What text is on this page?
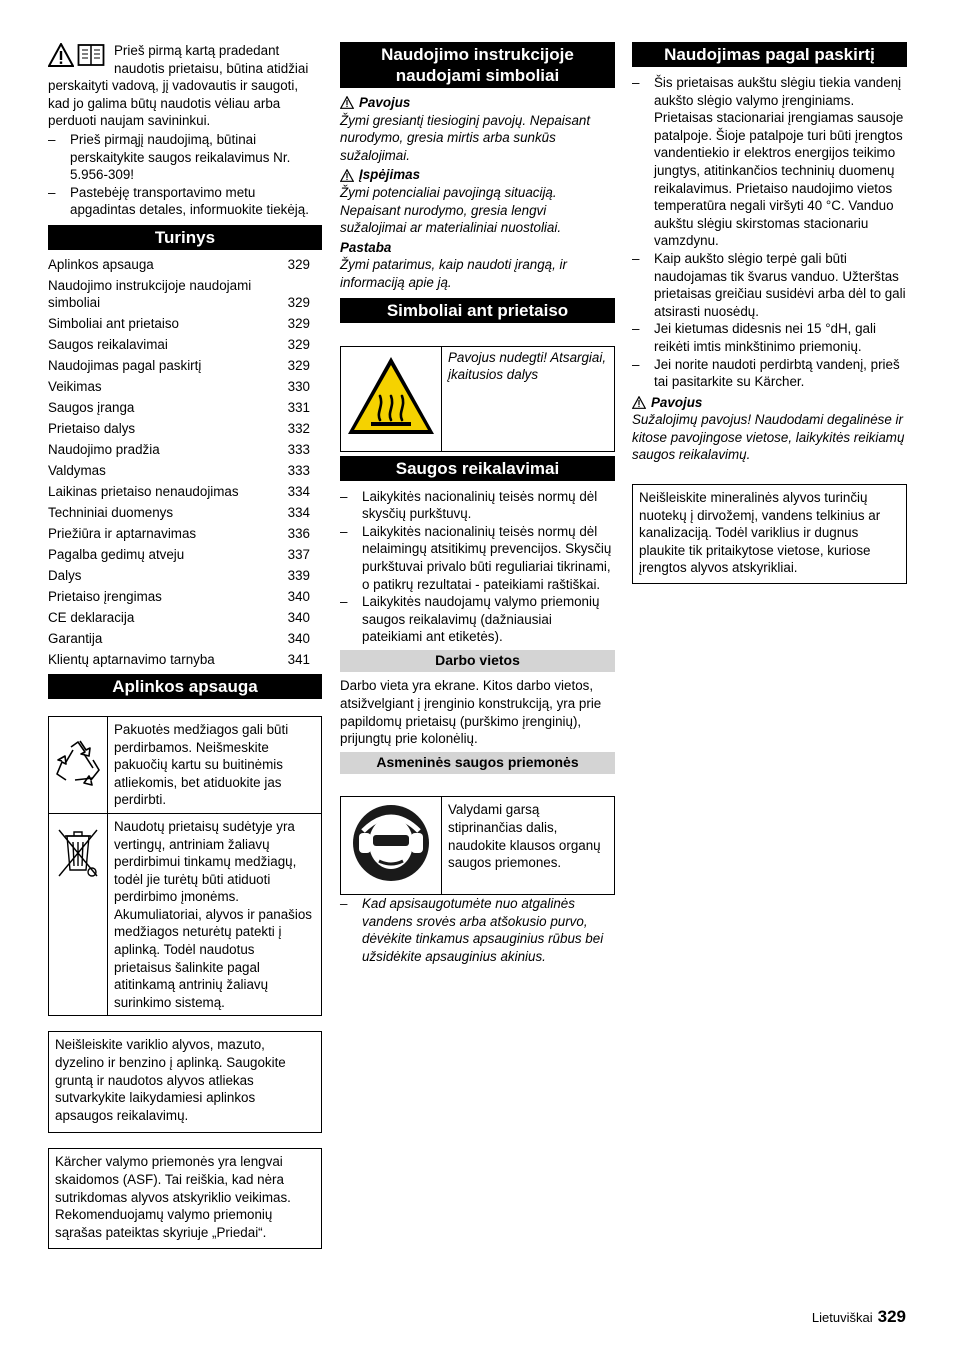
Prieš pirmą kartą pradedant naudotis prietaisu, būtina atidžiai perskaityti vadovą, jį vadovautis ir saugoti, kad jo galima būtų naudotis vėliau arba perduoti naujam savininkui.

– Prieš pirmąjį naudojimą, būtinai perskaitykite saugos reikalavimus Nr. 5.956-309!
– Pastebėję transportavimo metu apgadintas detales, informuokite tiekėją.
Turinys
Aplinkos apsauga	329
Naudojimo instrukcijoje naudojami simboliai	329
Simboliai ant prietaiso	329
Saugos reikalavimai	329
Naudojimas pagal paskirtį	329
Veikimas	330
Saugos įranga	331
Prietaiso dalys	332
Naudojimo pradžia	333
Valdymas	333
Laikinas prietaiso nenaudojimas	334
Techniniai duomenys	334
Priežiūra ir aptarnavimas	336
Pagalba gedimų atveju	337
Dalys	339
Prietaiso įrengimas	340
CE deklaracija	340
Garantija	340
Klientų aptarnavimo tarnyba	341
Aplinkos apsauga
	Pakuotės medžiagos gali būti perdirbamos. Neišmeskite pakuočių kartu su buitinėmis atliekomis, bet atiduokite jas perdirbti.
	Naudotų prietaisų sudėtyje yra vertingų, antriniam žaliavų perdirbimui tinkamų medžiagų, todėl jie turėtų būti atiduoti perdirbimo įmonėms. Akumuliatoriai, alyvos ir panašios medžiagos neturėtų patekti į aplinką. Todėl naudotus prietaisus šalinkite pagal atitinkamą antrinių žaliavų surinkimo sistemą.

Neišleiskite variklio alyvos, mazuto, dyzelino ir benzino į aplinką. Saugokite gruntą ir naudotos alyvos atliekas sutvarkykite laikydamiesi aplinkos apsaugos reikalavimų.

Kärcher valymo priemonės yra lengvai skaidomos (ASF). Tai reiškia, kad nėra sutrikdomas alyvos atskyriklio veikimas. Rekomenduojamų valymo priemonių sąrašas pateiktas skyriuje „Priedai“.

Naudojimo instrukcijoje naudojami simboliai
Pavojus

Žymi gresiantį tiesioginį pavojų. Nepaisant nurodymo, gresia mirtis arba sunkūs sužalojimai.

Įspėjimas

Žymi potencialiai pavojingą situaciją. Nepaisant nurodymo, gresia lengvi sužalojimai ar materialiniai nuostoliai.

Pastaba

Žymi patarimus, kaip naudoti įrangą, ir informaciją apie ją.

Simboliai ant prietaiso
	Pavojus nudegti! Atsargiai, įkaitusios dalys
Saugos reikalavimai
– Laikykitės nacionalinių teisės normų dėl skysčių purkštuvų.
– Laikykitės nacionalinių teisės normų dėl nelaimingų atsitikimų prevencijos. Skysčių purkštuvai privalo būti reguliariai tikrinami, o patikrų rezultatai - pateikiami raštiškai.
– Laikykitės naudojamų valymo priemonių saugos reikalavimų (dažniausiai pateikiami ant etiketės).
Darbo vietos

Darbo vieta yra ekrane. Kitos darbo vietos, atsižvelgiant į įrenginio konstrukciją, yra prie papildomų prietaisų (purškimo įrenginių), prijungtų prie kolonėlių.

Asmeninės saugos priemonės
	Valydami garsą stiprinančias dalis, naudokite klausos organų saugos priemones.
– Kad apsisaugotumėte nuo atgalinės vandens srovės arba atšokusio purvo, dėvėkite tinkamus apsauginius rūbus bei užsidėkite apsauginius akinius.
Naudojimas pagal paskirtį
– Šis prietaisas aukštu slėgiu tiekia vandenį aukšto slėgio valymo įrenginiams. Prietaisas stacionariai įrengiamas sausoje patalpoje. Šioje patalpoje turi būti įrengtos vandentiekio ir elektros energijos teikimo jungtys, atitinkančios techninių duomenų reikalavimus. Prietaiso naudojimo vietos temperatūra negali viršyti 40 °C. Vanduo aukštu slėgiu skirstomas stacionariu vamzdynu.
– Kaip aukšto slėgio terpė gali būti naudojamas tik švarus vanduo. Užterštas prietaisas greičiau susidėvi arba dėl to gali atsirasti nuosėdų.
– Jei kietumas didesnis nei 15 °dH, gali reikėti imtis minkštinimo priemonių.
– Jei norite naudoti perdirbtą vandenį, prieš tai pasitarkite su Kärcher.
Pavojus

Sužalojimų pavojus! Naudodami degalinėse ir kitose pavojingose vietose, laikykitės reikiamų saugos reikalavimų.

Neišleiskite mineralinės alyvos turinčių nuotekų į dirvožemį, vandens telkinius ar kanalizaciją. Todėl variklius ir dugnus plaukite tik pritaikytose vietose, kuriose įrengtos alyvos atskyrikliai.

Lietuviškai 329
